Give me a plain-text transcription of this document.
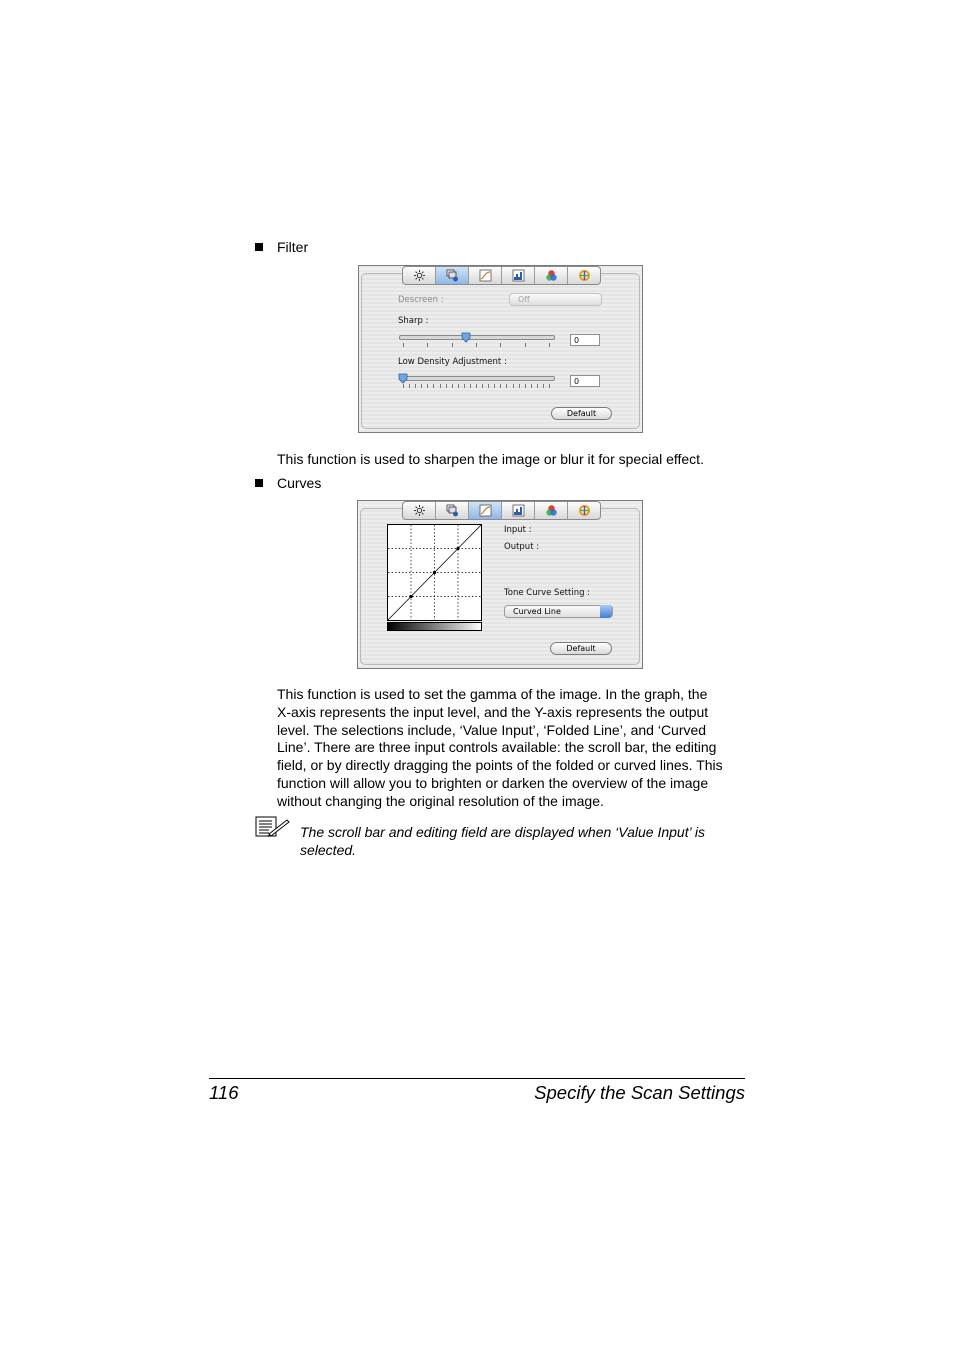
Filter
Descreen :	Off
Sharp :
0
Low Density Adjustment :
0
Default
This function is used to sharpen the image or blur it for special effect.
Curves
Input :
Output :
Tone Curve Setting :
Curved Line
Default
This function is used to set the gamma of the image. In the graph, the
X-axis represents the input level, and the Y-axis represents the output
level. The selections include, ‘Value Input’, ‘Folded Line’, and ‘Curved
Line’. There are three input controls available: the scroll bar, the editing
field, or by directly dragging the points of the folded or curved lines. This
function will allow you to brighten or darken the overview of the image
without changing the original resolution of the image.
The scroll bar and editing field are displayed when ‘Value Input’ is
selected.
116	Specify the Scan Settings
